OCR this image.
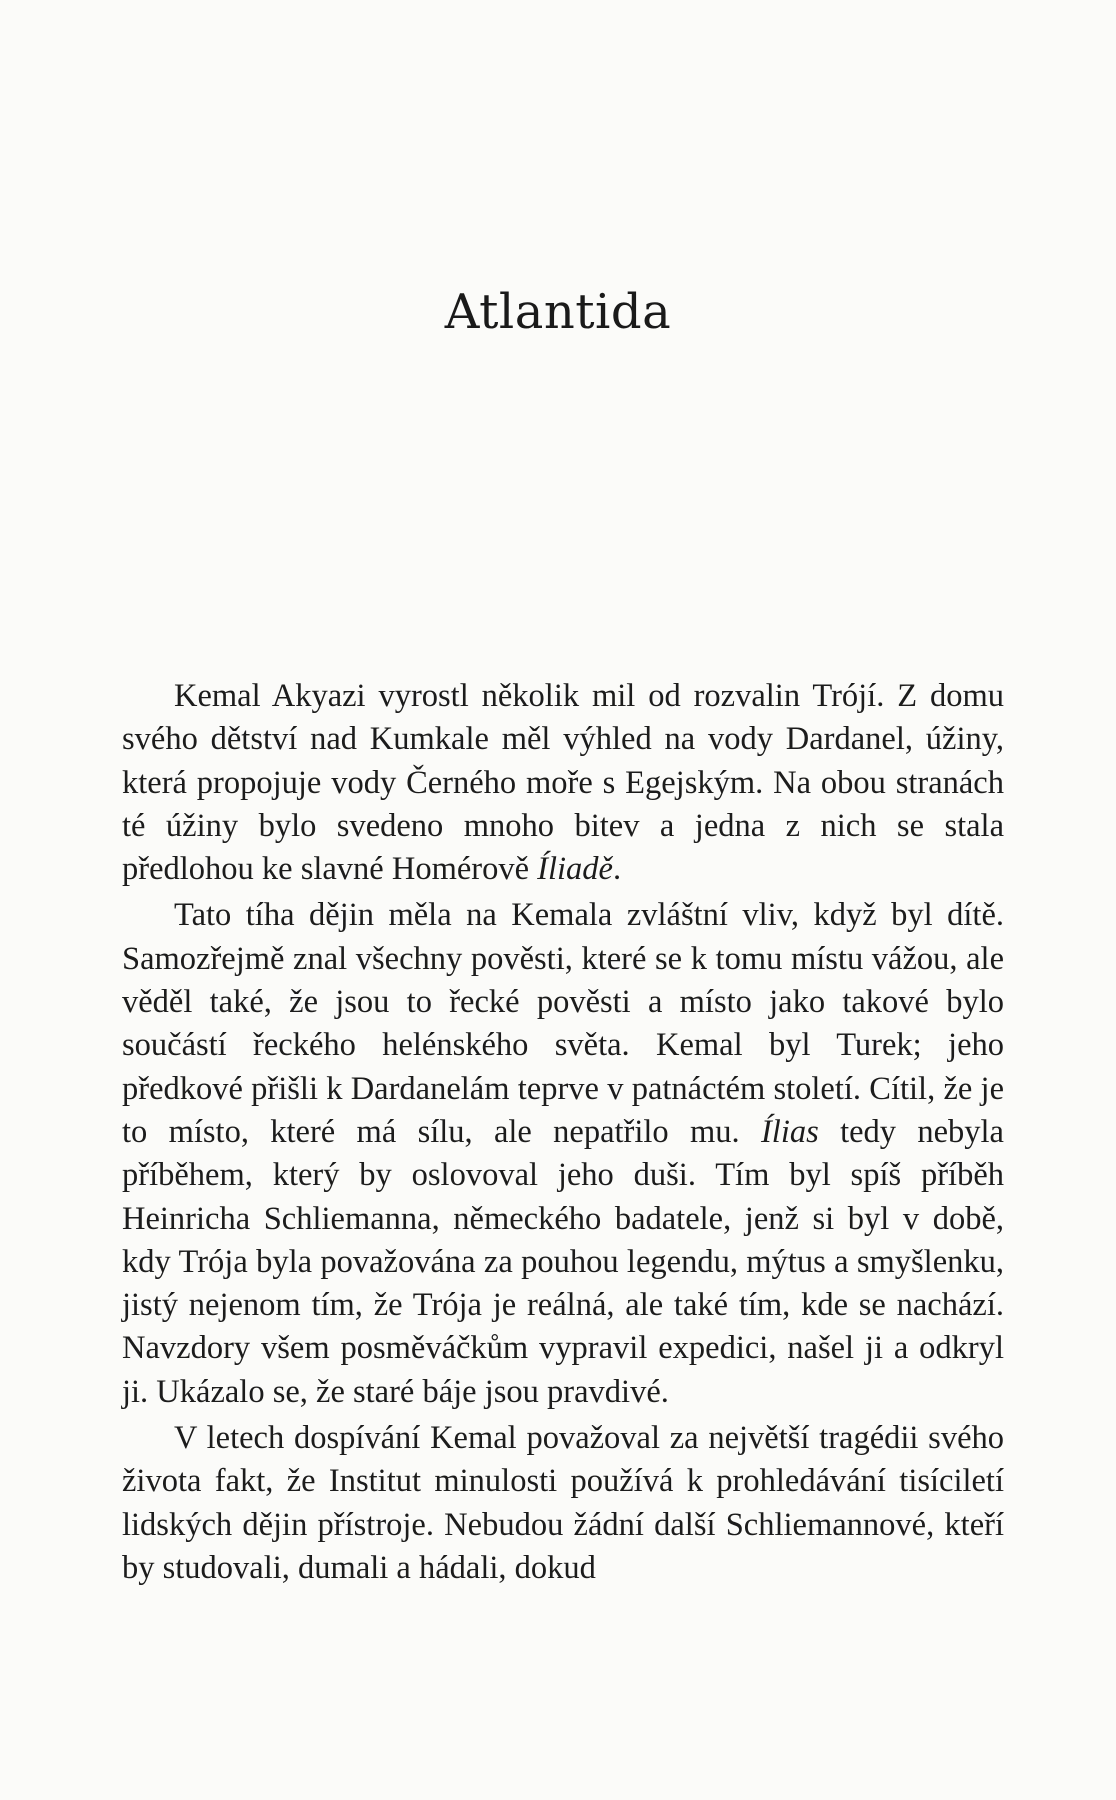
Atlantida

Kemal Akyazi vyrostl několik mil od rozvalin Trójí. Z domu svého dětství nad Kumkale měl výhled na vody Dardanel, úžiny, která propojuje vody Černého moře s Egejským. Na obou stranách té úžiny bylo svedeno mnoho bitev a jedna z nich se stala předlohou ke slavné Homérově Íliadě.

Tato tíha dějin měla na Kemala zvláštní vliv, když byl dítě. Samozřejmě znal všechny pověsti, které se k tomu místu vážou, ale věděl také, že jsou to řecké pověsti a místo jako takové bylo součástí řeckého helénského světa. Kemal byl Turek; jeho předkové přišli k Dardanelám teprve v patnáctém století. Cítil, že je to místo, které má sílu, ale nepatřilo mu. Ílias tedy nebyla příběhem, který by oslovoval jeho duši. Tím byl spíš příběh Heinricha Schliemanna, německého badatele, jenž si byl v době, kdy Trója byla považována za pouhou legendu, mýtus a smyšlenku, jistý nejenom tím, že Trója je reálná, ale také tím, kde se nachází. Navzdory všem posměváčkům vypravil expedici, našel ji a odkryl ji. Ukázalo se, že staré báje jsou pravdivé.

V letech dospívání Kemal považoval za největší tragédii svého života fakt, že Institut minulosti používá k prohledávání tisíciletí lidských dějin přístroje. Nebudou žádní další Schliemannové, kteří by studovali, dumali a hádali, dokud
